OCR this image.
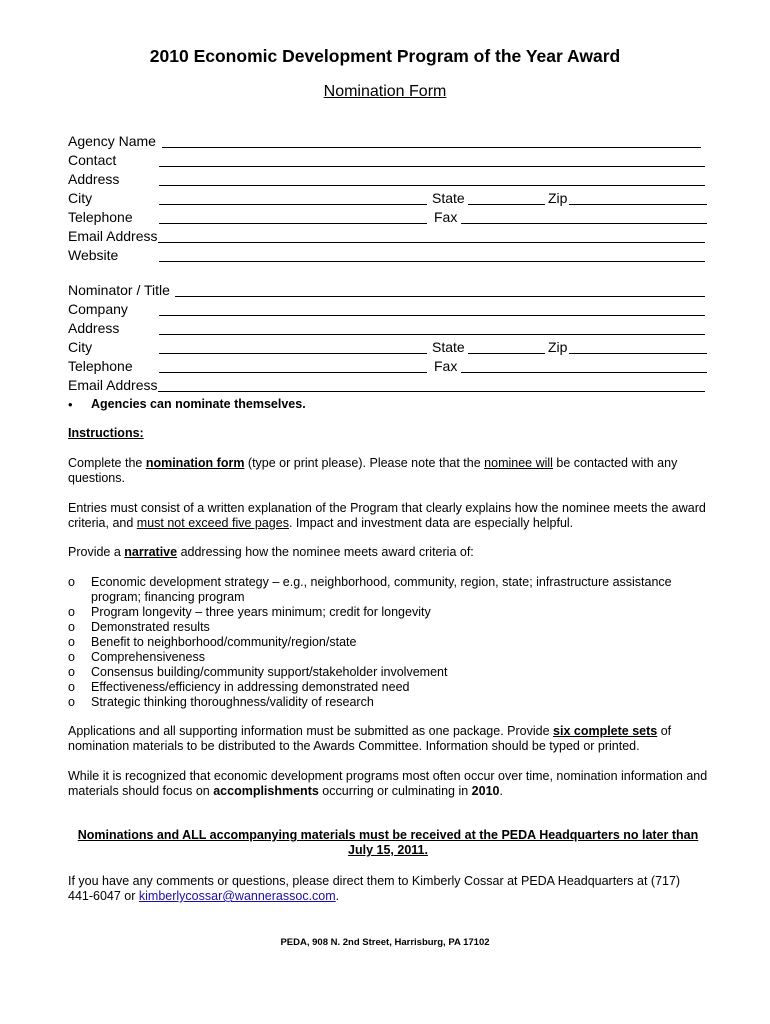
2010 Economic Development Program of the Year Award
Nomination Form
Agency Name
Contact
Address
City	State	Zip
Telephone	Fax
Email Address
Website
Nominator / Title
Company
Address
City	State	Zip
Telephone	Fax
Email Address
• Agencies can nominate themselves.
Instructions:
Complete the nomination form (type or print please). Please note that the nominee will be contacted with any questions.
Entries must consist of a written explanation of the Program that clearly explains how the nominee meets the award criteria, and must not exceed five pages. Impact and investment data are especially helpful.
Provide a narrative addressing how the nominee meets award criteria of:
o Economic development strategy – e.g., neighborhood, community, region, state; infrastructure assistance program; financing program
o Program longevity – three years minimum; credit for longevity
o Demonstrated results
o Benefit to neighborhood/community/region/state
o Comprehensiveness
o Consensus building/community support/stakeholder involvement
o Effectiveness/efficiency in addressing demonstrated need
o Strategic thinking thoroughness/validity of research
Applications and all supporting information must be submitted as one package. Provide six complete sets of nomination materials to be distributed to the Awards Committee. Information should be typed or printed.
While it is recognized that economic development programs most often occur over time, nomination information and materials should focus on accomplishments occurring or culminating in 2010.
Nominations and ALL accompanying materials must be received at the PEDA Headquarters no later than July 15, 2011.
If you have any comments or questions, please direct them to Kimberly Cossar at PEDA Headquarters at (717) 441-6047 or kimberlycossar@wannerassoc.com.
PEDA, 908 N. 2nd Street, Harrisburg, PA 17102
